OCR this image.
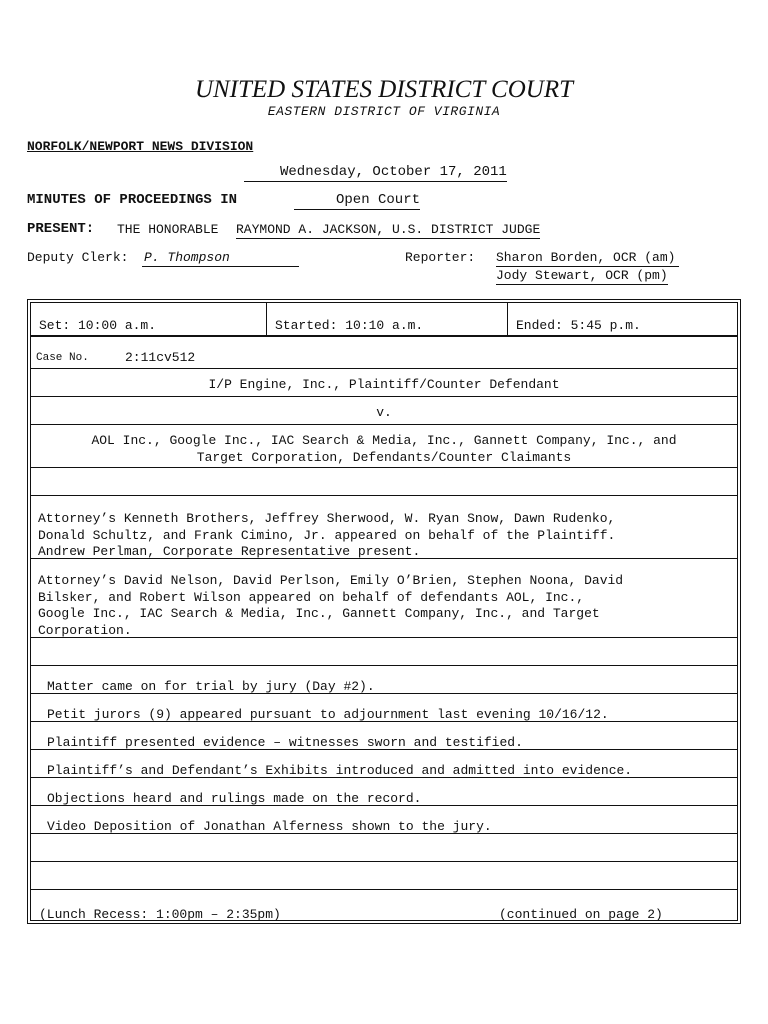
UNITED STATES DISTRICT COURT
EASTERN DISTRICT OF VIRGINIA
NORFOLK/NEWPORT NEWS DIVISION
Wednesday, October 17, 2011
MINUTES OF PROCEEDINGS IN	Open Court
PRESENT: THE HONORABLE RAYMOND A. JACKSON, U.S. DISTRICT JUDGE
Deputy Clerk: P. Thompson	Reporter: Sharon Borden, OCR (am)
Jody Stewart, OCR (pm)
Set: 10:00 a.m.	Started: 10:10 a.m.	Ended: 5:45 p.m.
Case No.	2:11cv512
I/P Engine, Inc., Plaintiff/Counter Defendant
v.
AOL Inc., Google Inc., IAC Search & Media, Inc., Gannett Company, Inc., and
Target Corporation, Defendants/Counter Claimants
Attorney’s Kenneth Brothers, Jeffrey Sherwood, W. Ryan Snow, Dawn Rudenko,
Donald Schultz, and Frank Cimino, Jr. appeared on behalf of the Plaintiff.
Andrew Perlman, Corporate Representative present.
Attorney’s David Nelson, David Perlson, Emily O’Brien, Stephen Noona, David
Bilsker, and Robert Wilson appeared on behalf of defendants AOL, Inc.,
Google Inc., IAC Search & Media, Inc., Gannett Company, Inc., and Target
Corporation.
Matter came on for trial by jury (Day #2).
Petit jurors (9) appeared pursuant to adjournment last evening 10/16/12.
Plaintiff presented evidence – witnesses sworn and testified.
Plaintiff’s and Defendant’s Exhibits introduced and admitted into evidence.
Objections heard and rulings made on the record.
Video Deposition of Jonathan Alferness shown to the jury.
(Lunch Recess: 1:00pm – 2:35pm)	(continued on page 2)
